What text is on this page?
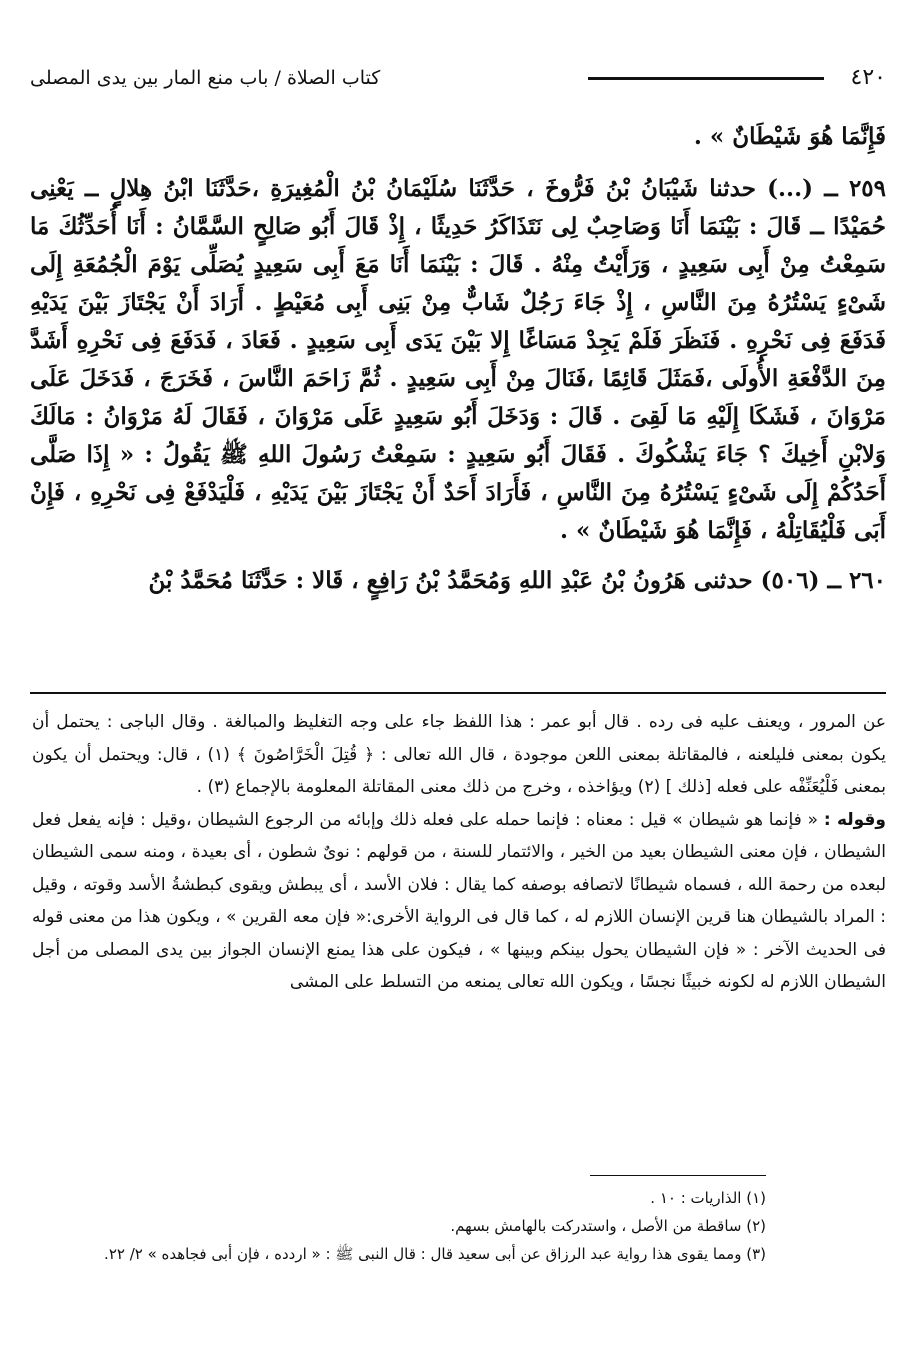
٤٢٠
كتاب الصلاة / باب منع المار بين يدى المصلى

فَإِنَّمَا هُوَ شَيْطَانٌ » .

٢٥٩ ــ (...) حدثنا شَيْبَانُ بْنُ فَرُّوخَ ، حَدَّثَنَا سُلَيْمَانُ بْنُ الْمُغِيرَةِ ،حَدَّثَنَا ابْنُ هِلالٍ ــ يَعْنِى حُمَيْدًا ــ قَالَ : بَيْنَمَا أَنَا وَصَاحِبٌ لِى نَتَذَاكَرُ حَدِيثًا ، إِذْ قَالَ أَبُو صَالِحٍ السَّمَّانُ : أَنَا أُحَدِّثُكَ مَا سَمِعْتُ مِنْ أَبِى سَعِيدٍ ، وَرَأَيْتُ مِنْهُ . قَالَ : بَيْنَمَا أَنَا مَعَ أَبِى سَعِيدٍ يُصَلِّى يَوْمَ الْجُمُعَةِ إِلَى شَىْءٍ يَسْتُرُهُ مِنَ النَّاسِ ، إِذْ جَاءَ رَجُلٌ شَابٌّ مِنْ بَنِى أَبِى مُعَيْطٍ . أَرَادَ أَنْ يَجْتَازَ بَيْنَ يَدَيْهِ فَدَفَعَ فِى نَحْرِهِ . فَنَظَرَ فَلَمْ يَجِدْ مَسَاغًا إِلا بَيْنَ يَدَى أَبِى سَعِيدٍ . فَعَادَ ، فَدَفَعَ فِى نَحْرِهِ أَشَدَّ مِنَ الدَّفْعَةِ الأُولَى ،فَمَثَلَ قَائِمًا ،فَنَالَ مِنْ أَبِى سَعِيدٍ . ثُمَّ زَاحَمَ النَّاسَ ، فَخَرَجَ ، فَدَخَلَ عَلَى مَرْوَانَ ، فَشَكَا إِلَيْهِ مَا لَقِىَ . قَالَ : وَدَخَلَ أَبُو سَعِيدٍ عَلَى مَرْوَانَ ، فَقَالَ لَهُ مَرْوَانُ : مَالَكَ وَلابْنِ أَخِيكَ ؟ جَاءَ يَشْكُوكَ . فَقَالَ أَبُو سَعِيدٍ : سَمِعْتُ رَسُولَ اللهِ ﷺ يَقُولُ : « إِذَا صَلَّى أَحَدُكُمْ إِلَى شَىْءٍ يَسْتُرُهُ مِنَ النَّاسِ ، فَأَرَادَ أَحَدٌ أَنْ يَجْتَازَ بَيْنَ يَدَيْهِ ، فَلْيَدْفَعْ فِى نَحْرِهِ ، فَإِنْ أَبَى فَلْيُقَاتِلْهُ ، فَإِنَّمَا هُوَ شَيْطَانٌ » .

٢٦٠ ــ (٥٠٦) حدثنى هَرُونُ بْنُ عَبْدِ اللهِ وَمُحَمَّدُ بْنُ رَافِعٍ ، قَالا : حَدَّثَنَا مُحَمَّدُ بْنُ

عن المرور ، ويعنف عليه فى رده . قال أبو عمر : هذا اللفظ جاء على وجه التغليظ والمبالغة . وقال الباجى : يحتمل أن يكون بمعنى فليلعنه ، فالمقاتلة بمعنى اللعن موجودة ، قال الله تعالى : ﴿ قُتِلَ الْخَرَّاصُونَ ﴾ (١) ، قال: ويحتمل أن يكون بمعنى فَلْيُعَنِّفْه على فعله [ذلك ] (٢) ويؤاخذه ، وخرج من ذلك معنى المقاتلة المعلومة بالإجماع (٣) .

وقوله : « فإنما هو شيطان » قيل : معناه : فإنما حمله على فعله ذلك وإبائه من الرجوع الشيطان ،وقيل : فإنه يفعل فعل الشيطان ، فإن معنى الشيطان بعيد من الخير ، والائتمار للسنة ، من قولهم : نوىٌ شطون ، أى بعيدة ، ومنه سمى الشيطان لبعده من رحمة الله ، فسماه شيطانًا لاتصافه بوصفه كما يقال : فلان الأسد ، أى يبطش ويقوى كبطشةُ الأسد وقوته ، وقيل : المراد بالشيطان هنا قرين الإنسان اللازم له ، كما قال فى الرواية الأخرى:« فإن معه القرين » ، ويكون هذا من معنى قوله فى الحديث الآخر : « فإن الشيطان يحول بينكم وبينها » ، فيكون على هذا يمنع الإنسان الجواز بين يدى المصلى من أجل الشيطان اللازم له لكونه خبيثًا نجسًا ، ويكون الله تعالى يمنعه من التسلط على المشى

(١) الذاريات : ١٠ .

(٢) ساقطة من الأصل ، واستدركت بالهامش بسهم.

(٣) ومما يقوى هذا رواية عبد الرزاق عن أبى سعيد قال : قال النبى ﷺ : « اردده ، فإن أبى فجاهده » ٢/ ٢٢.
